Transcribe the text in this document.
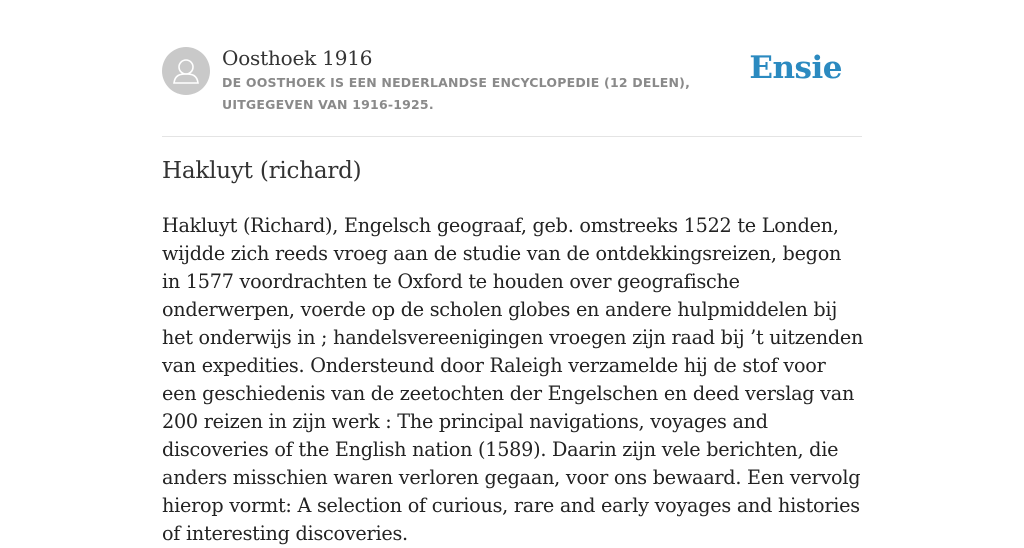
Oosthoek 1916
DE OOSTHOEK IS EEN NEDERLANDSE ENCYCLOPEDIE (12 DELEN), UITGEGEVEN VAN 1916-1925.
Ensie
Hakluyt (richard)

Hakluyt (Richard), Engelsch geograaf, geb. omstreeks 1522 te Londen, wijdde zich reeds vroeg aan de studie van de ontdekkingsreizen, begon in 1577 voordrachten te Oxford te houden over geografische onderwerpen, voerde op de scholen globes en andere hulpmiddelen bij het onderwijs in ; handelsvereenigingen vroegen zijn raad bij ’t uitzenden van expedities. Ondersteund door Raleigh verzamelde hij de stof voor een geschiedenis van de zeetochten der Engelschen en deed verslag van 200 reizen in zijn werk : The principal navigations, voyages and discoveries of the English nation (1589). Daarin zijn vele berichten, die anders misschien waren verloren gegaan, voor ons bewaard. Een vervolg hierop vormt: A selection of curious, rare and early voyages and histories of interesting discoveries.
